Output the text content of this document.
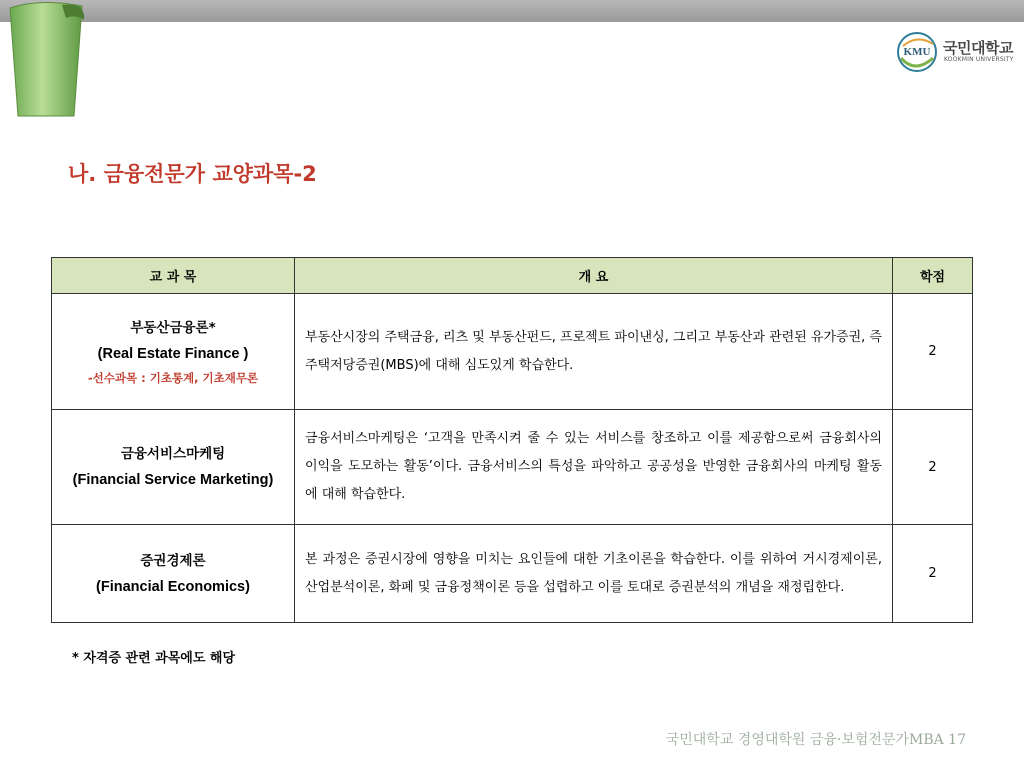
KMU 국민대학교
KOOKMIN UNIVERSITY
나. 금융전문가 교양과목-2
교 과 목	개 요	학점

부동산금융론*
(Real Estate Finance )
-선수과목 : 기초통계, 기초재무론	부동산시장의 주택금융, 리츠 및 부동산펀드, 프로젝트 파이낸싱, 그리고 부동산과 관련된 유가증권, 즉 주택저당증권(MBS)에 대해 심도있게 학습한다.	2

금융서비스마케팅
(Financial Service Marketing)	금융서비스마케팅은 ‘고객을 만족시켜 줄 수 있는 서비스를 창조하고 이를 제공함으로써 금융회사의 이익을 도모하는 활동’이다. 금융서비스의 특성을 파악하고 공공성을 반영한 금융회사의 마케팅 활동에 대해 학습한다.	2

증권경제론
(Financial Economics)	본 과정은 증권시장에 영향을 미치는 요인들에 대한 기초이론을 학습한다. 이를 위하여 거시경제이론, 산업분석이론, 화폐 및 금융정책이론 등을 섭렵하고 이를 토대로 증권분석의 개념을 재정립한다.	2
* 자격증 관련 과목에도 해당
국민대학교 경영대학원 금융·보험전문가MBA 17
